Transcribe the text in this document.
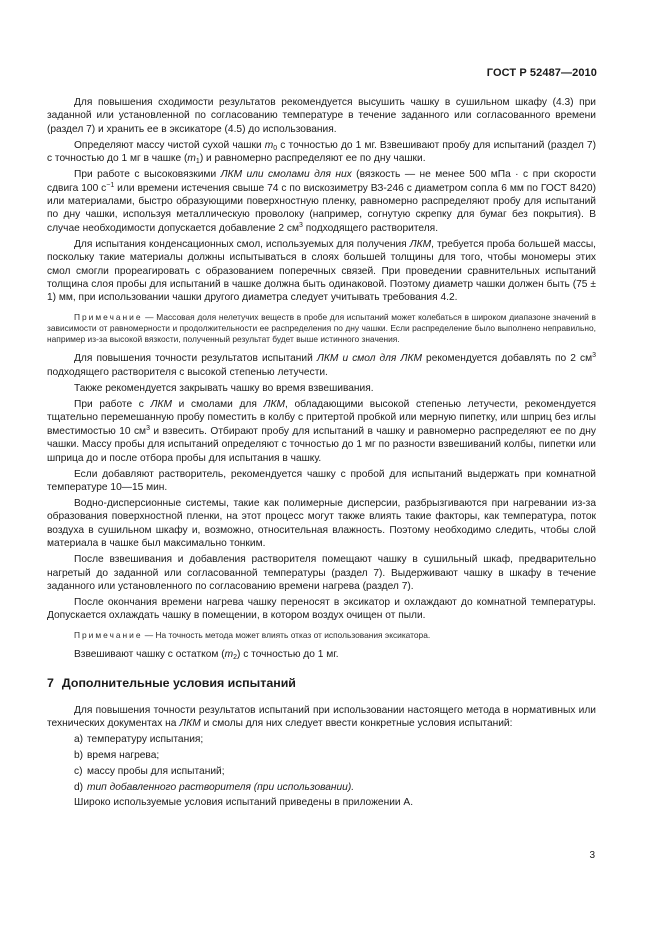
ГОСТ Р 52487—2010

Для повышения сходимости результатов рекомендуется высушить чашку в сушильном шкафу (4.3) при заданной или установленной по согласованию температуре в течение заданного или согласованного времени (раздел 7) и хранить ее в эксикаторе (4.5) до использования.

Определяют массу чистой сухой чашки $m_0$ с точностью до 1 мг. Взвешивают пробу для испытаний (раздел 7) с точностью до 1 мг в чашке $(m_1)$ и равномерно распределяют ее по дну чашки.

При работе с высоковязкими ЛКМ или смолами для них (вязкость — не менее 500 мПа · с при скорости сдвига 100 $с^{-1}$ или времени истечения свыше 74 с по вискозиметру ВЗ-246 с диаметром сопла 6 мм по ГОСТ 8420) или материалами, быстро образующими поверхностную пленку, равномерно распределяют пробу для испытаний по дну чашки, используя металлическую проволоку (например, согнутую скрепку для бумаг без покрытия). В случае необходимости допускается добавление 2 $см^3$ подходящего растворителя.

Для испытания конденсационных смол, используемых для получения ЛКМ, требуется проба большей массы, поскольку такие материалы должны испытываться в слоях большей толщины для того, чтобы мономеры этих смол смогли прореагировать с образованием поперечных связей. При проведении сравнительных испытаний толщина слоя пробы для испытаний в чашке должна быть одинаковой. Поэтому диаметр чашки должен быть (75 ± 1) мм, при использовании чашки другого диаметра следует учитывать требования 4.2.

Примечание — Массовая доля нелетучих веществ в пробе для испытаний может колебаться в широком диапазоне значений в зависимости от равномерности и продолжительности ее распределения по дну чашки. Если распределение было выполнено неправильно, например из-за высокой вязкости, полученный результат будет выше истинного значения.

Для повышения точности результатов испытаний ЛКМ и смол для ЛКМ рекомендуется добавлять по 2 $см^3$ подходящего растворителя с высокой степенью летучести.

Также рекомендуется закрывать чашку во время взвешивания.

При работе с ЛКМ и смолами для ЛКМ, обладающими высокой степенью летучести, рекомендуется тщательно перемешанную пробу поместить в колбу с притертой пробкой или мерную пипетку, или шприц без иглы вместимостью 10 $см^3$ и взвесить. Отбирают пробу для испытаний в чашку и равномерно распределяют ее по дну чашки. Массу пробы для испытаний определяют с точностью до 1 мг по разности взвешиваний колбы, пипетки или шприца до и после отбора пробы для испытания в чашку.

Если добавляют растворитель, рекомендуется чашку с пробой для испытаний выдержать при комнатной температуре 10—15 мин.

Водно-дисперсионные системы, такие как полимерные дисперсии, разбрызгиваются при нагревании из-за образования поверхностной пленки, на этот процесс могут также влиять такие факторы, как температура, поток воздуха в сушильном шкафу и, возможно, относительная влажность. Поэтому необходимо следить, чтобы слой материала в чашке был максимально тонким.

После взвешивания и добавления растворителя помещают чашку в сушильный шкаф, предварительно нагретый до заданной или согласованной температуры (раздел 7). Выдерживают чашку в шкафу в течение заданного или установленного по согласованию времени нагрева (раздел 7).

После окончания времени нагрева чашку переносят в эксикатор и охлаждают до комнатной температуры. Допускается охлаждать чашку в помещении, в котором воздух очищен от пыли.

Примечание — На точность метода может влиять отказ от использования эксикатора.

Взвешивают чашку с остатком $(m_2)$ с точностью до 1 мг.

7 Дополнительные условия испытаний

Для повышения точности результатов испытаний при использовании настоящего метода в нормативных или технических документах на ЛКМ и смолы для них следует ввести конкретные условия испытаний:

a) температуру испытания;
b) время нагрева;
c) массу пробы для испытаний;
d) тип добавленного растворителя (при использовании).

Широко используемые условия испытаний приведены в приложении А.

3
